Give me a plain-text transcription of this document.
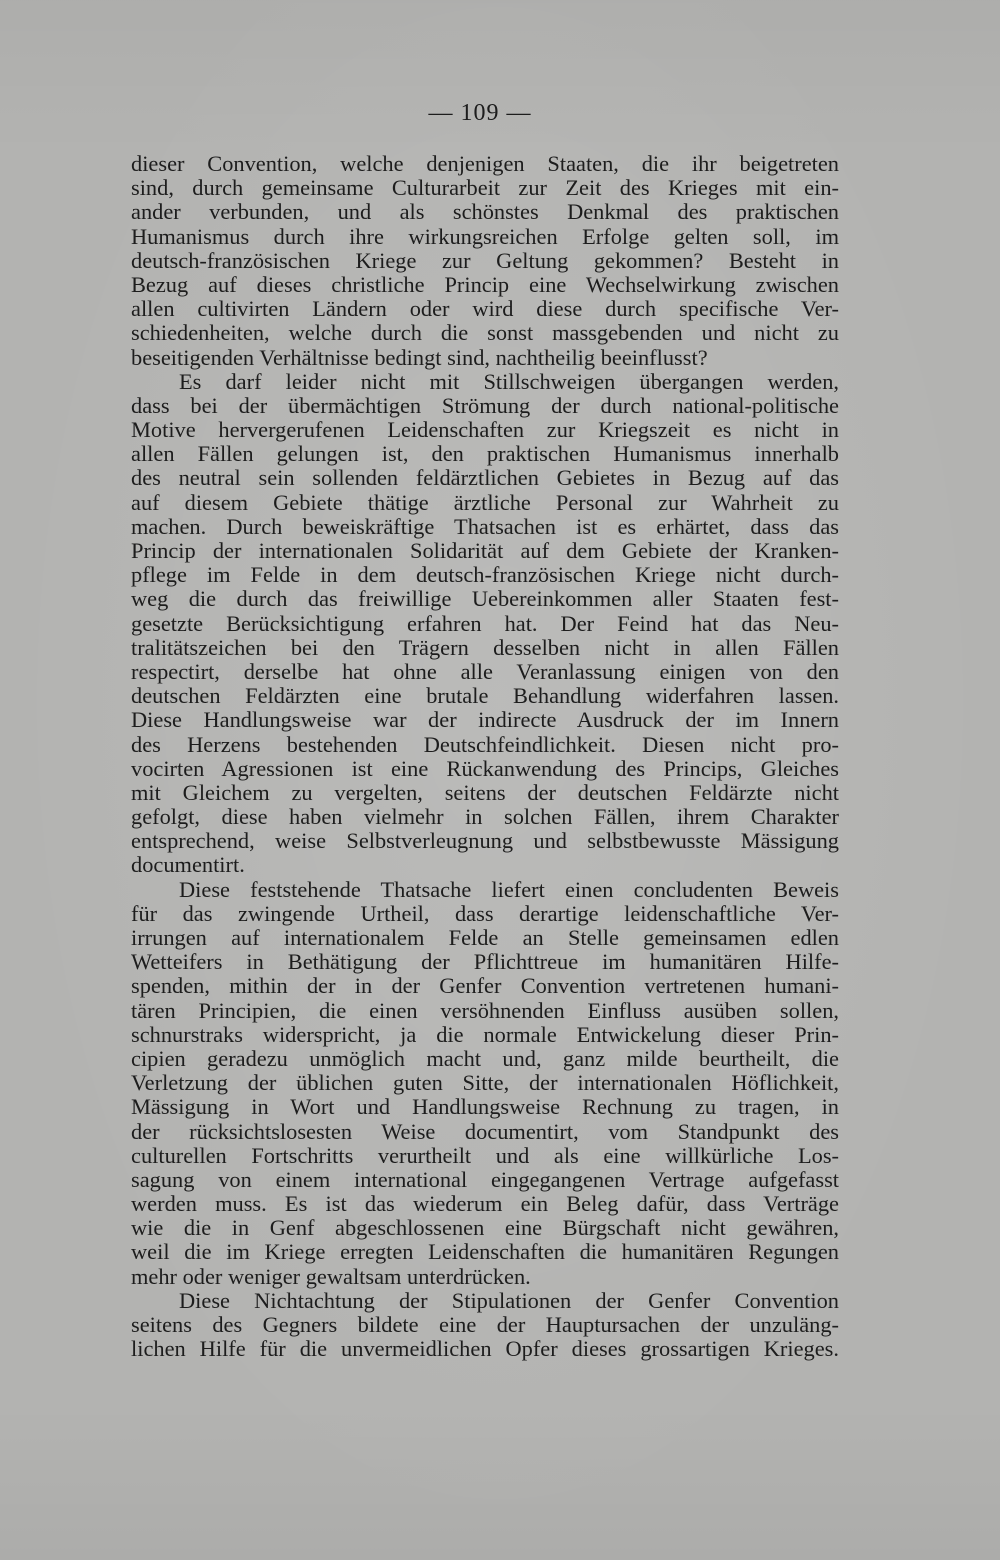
— 109 —
dieser Convention, welche denjenigen Staaten, die ihr beigetreten
sind, durch gemeinsame Culturarbeit zur Zeit des Krieges mit ein-
ander verbunden, und als schönstes Denkmal des praktischen
Humanismus durch ihre wirkungsreichen Erfolge gelten soll, im
deutsch-französischen Kriege zur Geltung gekommen? Besteht in
Bezug auf dieses christliche Princip eine Wechselwirkung zwischen
allen cultivirten Ländern oder wird diese durch specifische Ver-
schiedenheiten, welche durch die sonst massgebenden und nicht zu
beseitigenden Verhältnisse bedingt sind, nachtheilig beeinflusst?
Es darf leider nicht mit Stillschweigen übergangen werden,
dass bei der übermächtigen Strömung der durch national-politische
Motive hervergerufenen Leidenschaften zur Kriegszeit es nicht in
allen Fällen gelungen ist, den praktischen Humanismus innerhalb
des neutral sein sollenden feldärztlichen Gebietes in Bezug auf das
auf diesem Gebiete thätige ärztliche Personal zur Wahrheit zu
machen. Durch beweiskräftige Thatsachen ist es erhärtet, dass das
Princip der internationalen Solidarität auf dem Gebiete der Kranken-
pflege im Felde in dem deutsch-französischen Kriege nicht durch-
weg die durch das freiwillige Uebereinkommen aller Staaten fest-
gesetzte Berücksichtigung erfahren hat. Der Feind hat das Neu-
tralitätszeichen bei den Trägern desselben nicht in allen Fällen
respectirt, derselbe hat ohne alle Veranlassung einigen von den
deutschen Feldärzten eine brutale Behandlung widerfahren lassen.
Diese Handlungsweise war der indirecte Ausdruck der im Innern
des Herzens bestehenden Deutschfeindlichkeit. Diesen nicht pro-
vocirten Agressionen ist eine Rückanwendung des Princips, Gleiches
mit Gleichem zu vergelten, seitens der deutschen Feldärzte nicht
gefolgt, diese haben vielmehr in solchen Fällen, ihrem Charakter
entsprechend, weise Selbstverleugnung und selbstbewusste Mässigung
documentirt.
Diese feststehende Thatsache liefert einen concludenten Beweis
für das zwingende Urtheil, dass derartige leidenschaftliche Ver-
irrungen auf internationalem Felde an Stelle gemeinsamen edlen
Wetteifers in Bethätigung der Pflichttreue im humanitären Hilfe-
spenden, mithin der in der Genfer Convention vertretenen humani-
tären Principien, die einen versöhnenden Einfluss ausüben sollen,
schnurstraks widerspricht, ja die normale Entwickelung dieser Prin-
cipien geradezu unmöglich macht und, ganz milde beurtheilt, die
Verletzung der üblichen guten Sitte, der internationalen Höflichkeit,
Mässigung in Wort und Handlungsweise Rechnung zu tragen, in
der rücksichtslosesten Weise documentirt, vom Standpunkt des
culturellen Fortschritts verurtheilt und als eine willkürliche Los-
sagung von einem international eingegangenen Vertrage aufgefasst
werden muss. Es ist das wiederum ein Beleg dafür, dass Verträge
wie die in Genf abgeschlossenen eine Bürgschaft nicht gewähren,
weil die im Kriege erregten Leidenschaften die humanitären Regungen
mehr oder weniger gewaltsam unterdrücken.
Diese Nichtachtung der Stipulationen der Genfer Convention
seitens des Gegners bildete eine der Hauptursachen der unzuläng-
lichen Hilfe für die unvermeidlichen Opfer dieses grossartigen Krieges.
